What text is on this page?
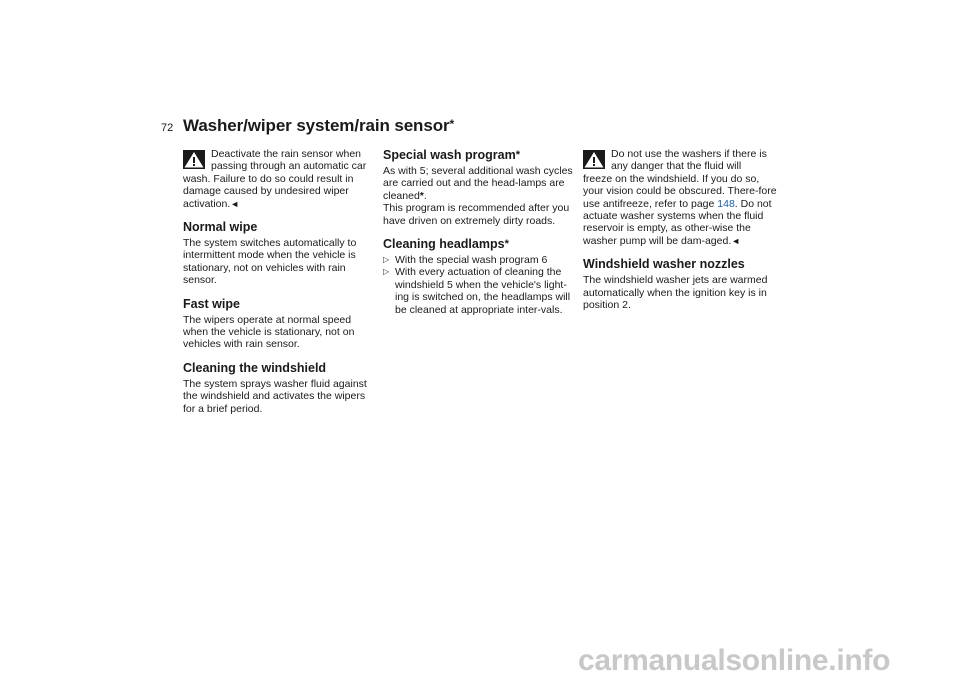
72 Washer/wiper system/rain sensor*
Deactivate the rain sensor when passing through an automatic car

wash. Failure to do so could result in damage caused by undesired wiper activation.◄

Normal wipe

The system switches automatically to intermittent mode when the vehicle is stationary, not on vehicles with rain sensor.

Fast wipe

The wipers operate at normal speed when the vehicle is stationary, not on vehicles with rain sensor.

Cleaning the windshield

The system sprays washer fluid against the windshield and activates the wipers for a brief period.

Special wash program*

As with 5; several additional wash cycles are carried out and the head-lamps are cleaned*.

This program is recommended after you have driven on extremely dirty roads.

Cleaning headlamps*
▷ With the special wash program 6
▷ With every actuation of cleaning the windshield 5 when the vehicle's light-ing is switched on, the headlamps will be cleaned at appropriate inter-vals.
Do not use the washers if there is any danger that the fluid will

freeze on the windshield. If you do so, your vision could be obscured. There-fore use antifreeze, refer to page 148. Do not actuate washer systems when the fluid reservoir is empty, as other-wise the washer pump will be dam-aged.◄

Windshield washer nozzles

The windshield washer jets are warmed automatically when the ignition key is in position 2.

carmanualsonline.info
